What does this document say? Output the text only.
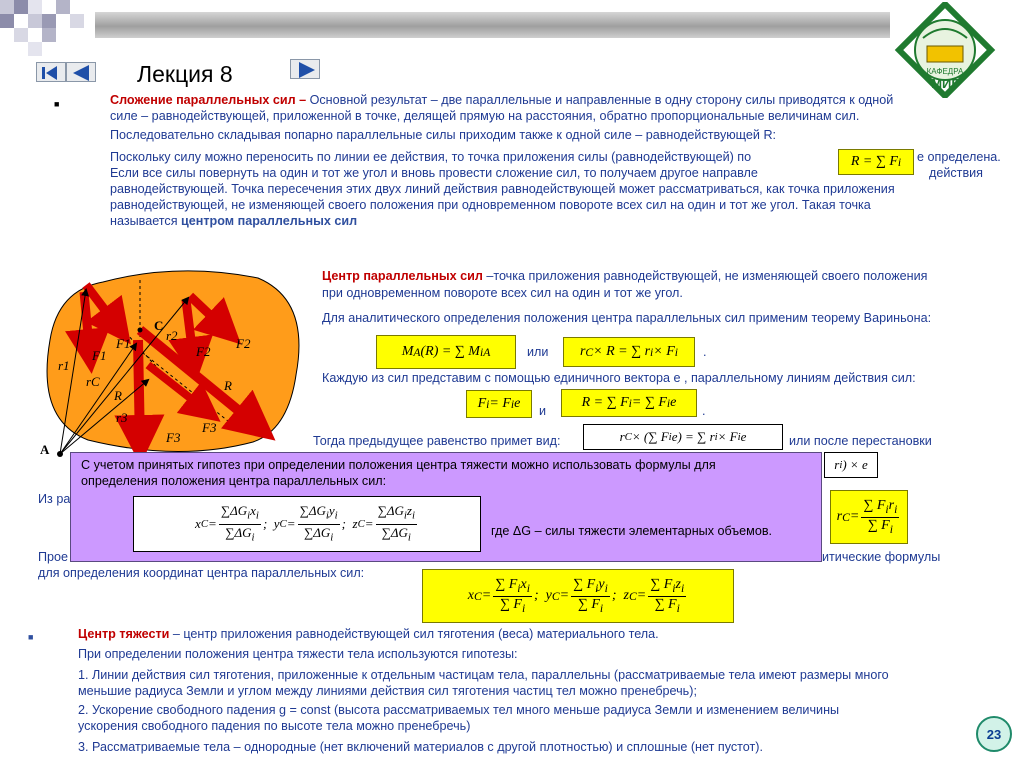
КАФЕДРА
МИГ
Лекция 8
■	Сложение параллельных сил – Основной результат – две параллельные и направленные в одну сторону силы приводятся к одной
силе – равнодействующей, приложенной в точке, делящей прямую на расстояния, обратно пропорциональные величинам сил.
Последовательно складывая попарно параллельные силы приходим также к одной силе – равнодействующей R:
Поскольку силу можно переносить по линии ее действия, то точка приложения силы (равнодействующей) по	R = ∑ F i е определена.
Если все силы повернуть на один и тот же угол и вновь провести сложение сил, то получаем другое направле	действия
равнодействующей. Точка пересечения этих двух линий действия равнодействующей может рассматриваться, как точка приложения
равнодействующей, не изменяющей своего положения при одновременном повороте всех сил на один и тот же угол. Такая точка
называется центром параллельных сил
A
C
F1
F1
F2
F2
F3
F3
r1
r2
r3
rC
R
R
Центр параллельных сил –точка приложения равнодействующей, не изменяющей своего положения
при одновременном повороте всех сил на один и тот же угол.
Для аналитического определения положения центра параллельных сил применим теорему Вариньона:
M A (R) = ∑ M iA	или	r C × R = ∑ r i × F i .
Каждую из сил представим с помощью единичного вектора e , параллельному линиям действия сил:
F i = F i e	и
R = ∑ F i = ∑ F i e
.
Тогда предыдущее равенство примет вид:	r C × (∑ F i e) = ∑ r i × F i e	или после перестановки
r i ) × e
Из ра
r $C = \frac{\sum F_ir_i}{\sum F_i}$
Прое	итические формулы
для определения координат центра параллельных сил:
x $C = \frac{\sum F_ix_i}{\sum F_i}$ ;  y $C = \frac{\sum F_iy_i}{\sum F_i}$ ;  z $C = \frac{\sum F_iz_i}{\sum F_i}$
С учетом принятых гипотез при определении положения центра тяжести можно использовать формулы для
определения положения центра параллельных сил:
x $C = \frac{\sum\Delta G_ix_i}{\sum\Delta G_i}$ ;  y $C = \frac{\sum\Delta G_iy_i}{\sum\Delta G_i}$ ;  z $C = \frac{\sum\Delta G_iz_i}{\sum\Delta G_i}$	где ΔG – силы тяжести элементарных объемов.
■	Центр тяжести – центр приложения равнодействующей сил тяготения (веса) материального тела.
При определении положения центра тяжести тела используются гипотезы:
1. Линии действия сил тяготения, приложенные к отдельным частицам тела, параллельны (рассматриваемые тела имеют размеры много
меньшие радиуса Земли и углом между линиями действия сил тяготения частиц тел можно пренебречь);
2. Ускорение свободного падения g = const (высота рассматриваемых тел много меньше радиуса Земли и изменением величины
ускорения свободного падения по высоте тела можно пренебречь)
3. Рассматриваемые тела – однородные (нет включений материалов с другой плотностью) и сплошные (нет пустот).
23
